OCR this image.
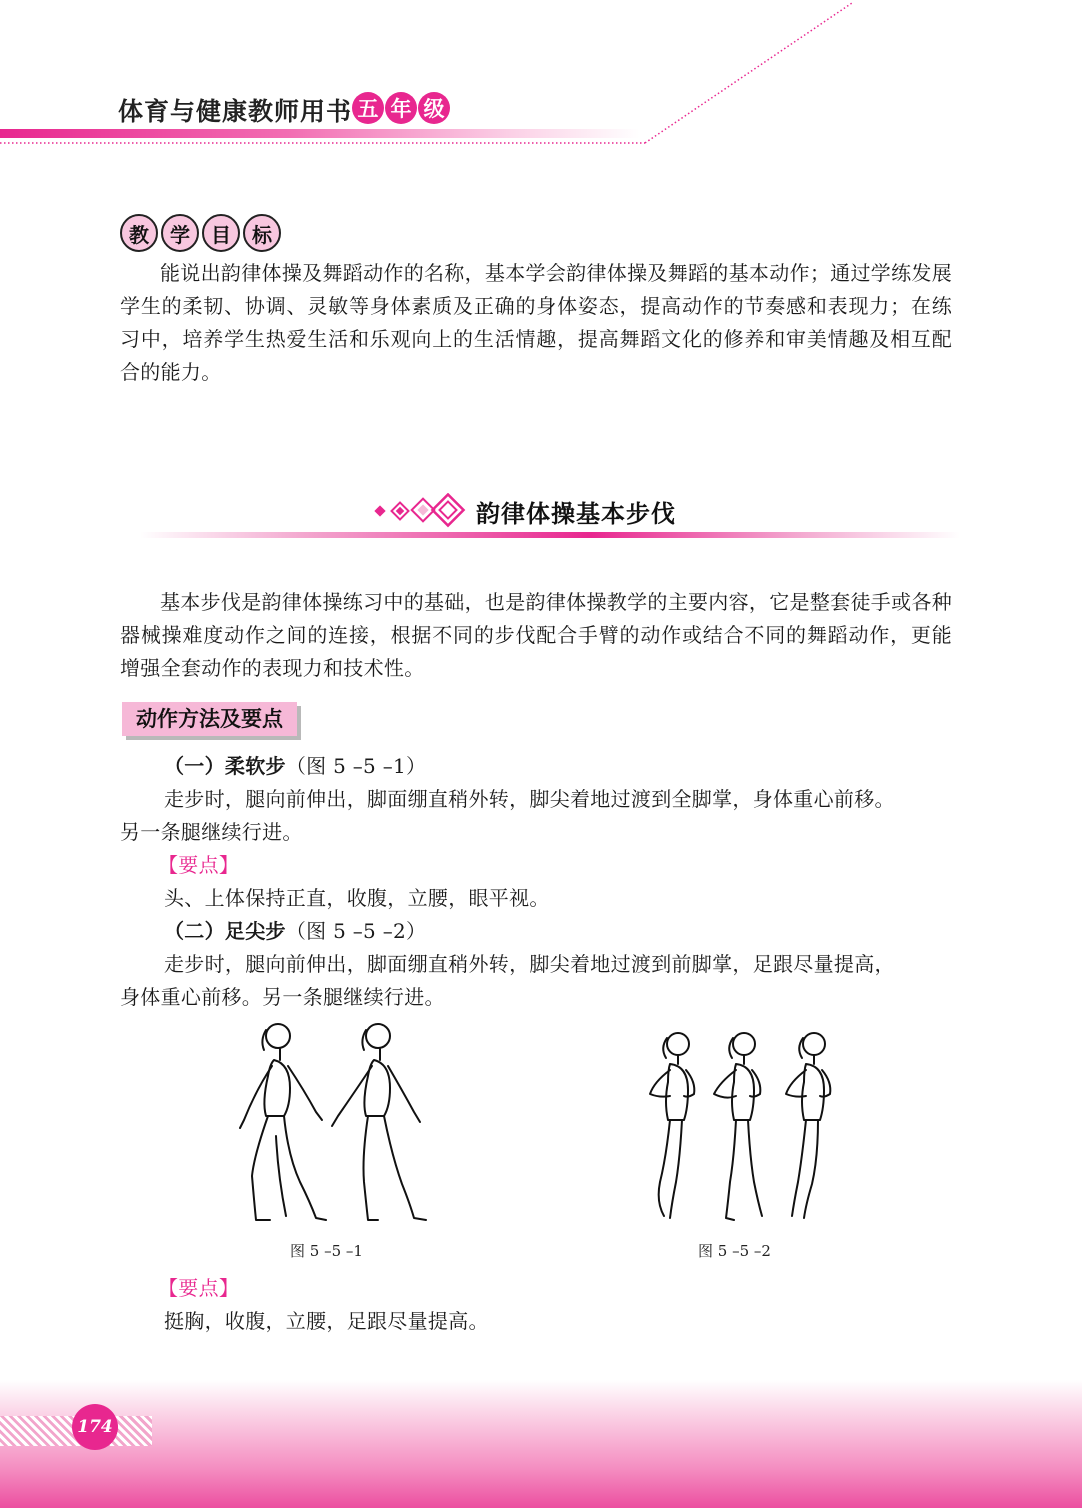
体育与健康教师用书 五 年 级
教	学	目	标
能说出韵律体操及舞蹈动作的名称，基本学会韵律体操及舞蹈的基本动作；通过学练发展学生的柔韧、协调、灵敏等身体素质及正确的身体姿态，提高动作的节奏感和表现力；在练习中，培养学生热爱生活和乐观向上的生活情趣，提高舞蹈文化的修养和审美情趣及相互配合的能力。
韵律体操基本步伐
基本步伐是韵律体操练习中的基础，也是韵律体操教学的主要内容，它是整套徒手或各种器械操难度动作之间的连接，根据不同的步伐配合手臂的动作或结合不同的舞蹈动作，更能增强全套动作的表现力和技术性。
动作方法及要点
（一）柔软步（图 5 –5 –1）
走步时，腿向前伸出，脚面绷直稍外转，脚尖着地过渡到全脚掌，身体重心前移。
另一条腿继续行进。
【要点】
头、上体保持正直，收腹，立腰，眼平视。
（二）足尖步（图 5 –5 –2）
走步时，腿向前伸出，脚面绷直稍外转，脚尖着地过渡到前脚掌，足跟尽量提高，
身体重心前移。另一条腿继续行进。
图 5 –5 –1	图 5 –5 –2
【要点】
挺胸，收腹，立腰，足跟尽量提高。
174
